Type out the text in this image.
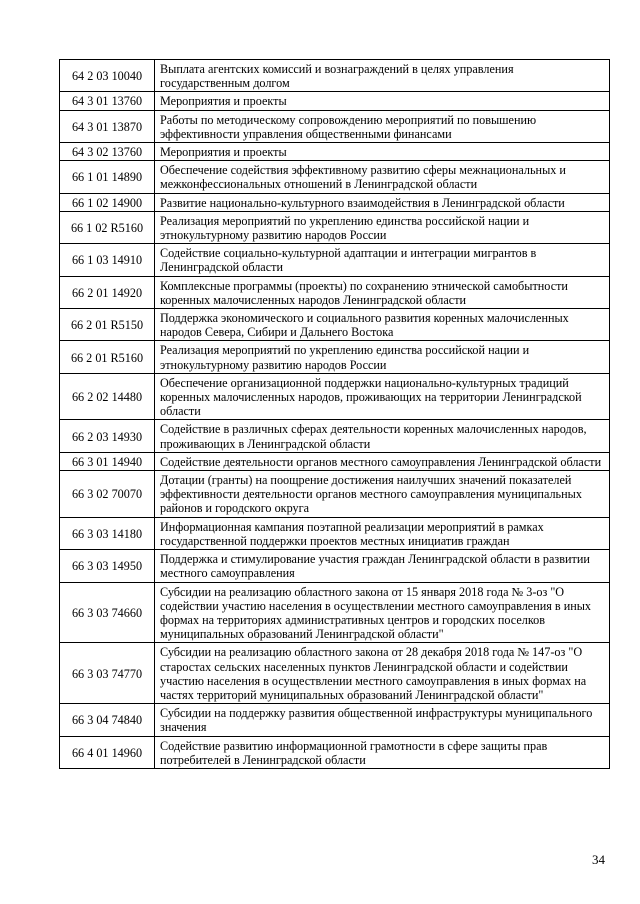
64 2 03 10040	Выплата агентских комиссий и вознаграждений в целях управления государственным долгом
64 3 01 13760	Мероприятия и проекты
64 3 01 13870	Работы по методическому сопровождению мероприятий по повышению эффективности управления общественными финансами
64 3 02 13760	Мероприятия и проекты
66 1 01 14890	Обеспечение содействия эффективному развитию сферы межнациональных и межконфессиональных отношений в Ленинградской области
66 1 02 14900	Развитие национально-культурного взаимодействия в Ленинградской области
66 1 02 R5160	Реализация мероприятий по укреплению единства российской нации и этнокультурному развитию народов России
66 1 03 14910	Содействие социально-культурной адаптации и интеграции мигрантов в Ленинградской области
66 2 01 14920	Комплексные программы (проекты) по сохранению этнической самобытности коренных малочисленных народов Ленинградской области
66 2 01 R5150	Поддержка экономического и социального развития коренных малочисленных народов Севера, Сибири и Дальнего Востока
66 2 01 R5160	Реализация мероприятий по укреплению единства российской нации и этнокультурному развитию народов России
66 2 02 14480	Обеспечение организационной поддержки национально-культурных традиций коренных малочисленных народов, проживающих на территории Ленинградской области
66 2 03 14930	Содействие в различных сферах деятельности коренных малочисленных народов, проживающих в Ленинградской области
66 3 01 14940	Содействие деятельности органов местного самоуправления Ленинградской области
66 3 02 70070	Дотации (гранты) на поощрение достижения наилучших значений показателей эффективности деятельности органов местного самоуправления муниципальных районов и городского округа
66 3 03 14180	Информационная кампания поэтапной реализации мероприятий в рамках государственной поддержки проектов местных инициатив граждан
66 3 03 14950	Поддержка и стимулирование участия граждан Ленинградской области в развитии местного самоуправления
66 3 03 74660	Субсидии на реализацию областного закона от 15 января 2018 года № 3-оз "О содействии участию населения в осуществлении местного самоуправления в иных формах на территориях административных центров и городских поселков муниципальных образований Ленинградской области"
66 3 03 74770	Субсидии на реализацию областного закона от 28 декабря 2018 года № 147-оз "О старостах сельских населенных пунктов Ленинградской области и содействии участию населения в осуществлении местного самоуправления в иных формах на частях территорий муниципальных образований Ленинградской области"
66 3 04 74840	Субсидии на поддержку развития общественной инфраструктуры муниципального значения
66 4 01 14960	Содействие развитию информационной грамотности в сфере защиты прав потребителей в Ленинградской области
34
